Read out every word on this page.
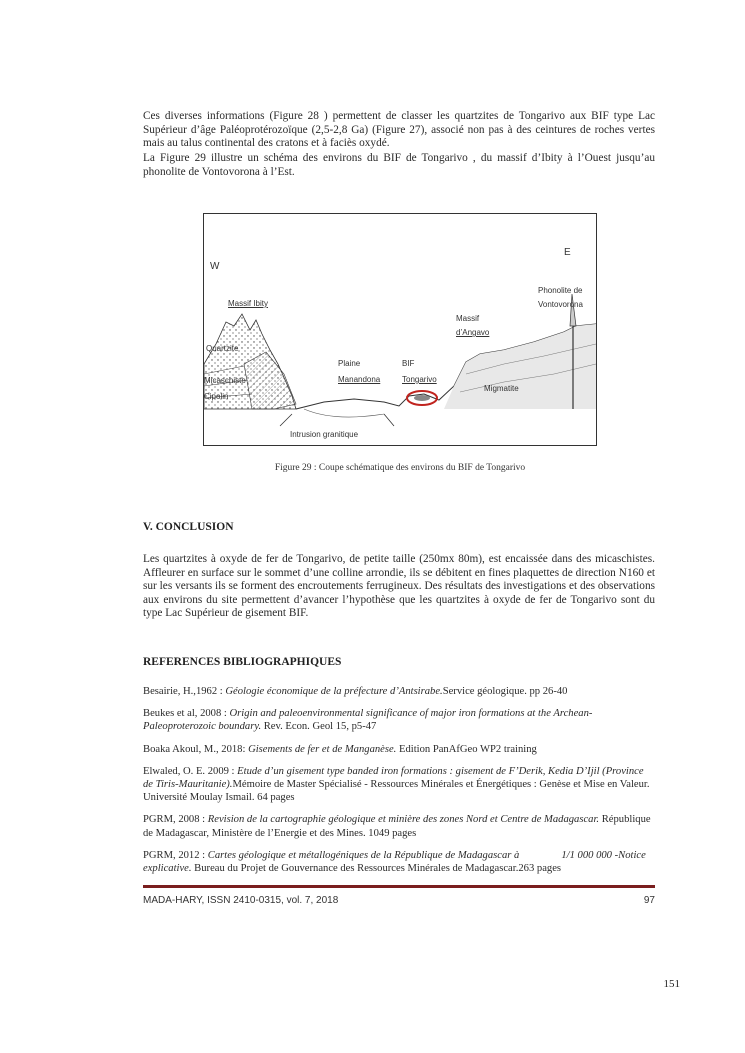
Ces diverses informations (Figure 28 ) permettent de classer les quartzites de Tongarivo aux BIF type Lac Supérieur d’âge Paléoprotérozoïque (2,5-2,8 Ga) (Figure 27), associé non pas à des ceintures de roches vertes mais au talus continental des cratons et à faciès oxydé.

La Figure 29 illustre un schéma des environs du BIF de Tongarivo , du massif d’Ibity à l’Ouest jusqu’au phonolite de Vontovorona à l’Est.

W
E
Massif Ibity
Quartzite
Micaschiste
Cipolin
Plaine
Manandona
BIF
Tongarivo
Massif
d’Angavo
Migmatite
Phonolite de
Vontovorona
Intrusion granitique
Figure 29 : Coupe schématique des environs du BIF de Tongarivo
V. CONCLUSION

Les quartzites à oxyde de fer de Tongarivo, de petite taille (250mx 80m), est encaissée dans des micaschistes. Affleurer en surface sur le sommet d’une colline arrondie, ils se débitent en fines plaquettes de direction N160 et sur les versants ils se forment des encroutements ferrugineux. Des résultats des investigations et des observations aux environs du site permettent d’avancer l’hypothèse que les quartzites à oxyde de fer de Tongarivo sont du type Lac Supérieur de gisement BIF.

REFERENCES BIBLIOGRAPHIQUES

Besairie, H.,1962 : Géologie économique de la préfecture d’Antsirabe.Service géologique. pp 26-40

Beukes et al, 2008 : Origin and paleoenvironmental significance of major iron formations at the Archean-Paleoproterozoic boundary. Rev. Econ. Geol 15, p5-47

Boaka Akoul, M., 2018: Gisements de fer et de Manganèse. Edition PanAfGeo WP2 training

Elwaled, O. E. 2009 : Etude d’un gisement type banded iron formations : gisement de F’Derik, Kedia D’Ijil (Province de Tiris-Mauritanie).Mémoire de Master Spécialisé - Ressources Minérales et Énergétiques : Genèse et Mise en Valeur. Université Moulay Ismail. 64 pages

PGRM, 2008 : Revision de la cartographie géologique et minière des zones Nord et Centre de Madagascar. République de Madagascar, Ministère de l’Energie et des Mines. 1049 pages

PGRM, 2012 : Cartes géologique et métallogéniques de la République de Madagascar à	1/1 000 000 -Notice explicative. Bureau du Projet de Gouvernance des Ressources Minérales de Madagascar.263 pages

MADA-HARY, ISSN 2410-0315, vol. 7, 2018	97
151
